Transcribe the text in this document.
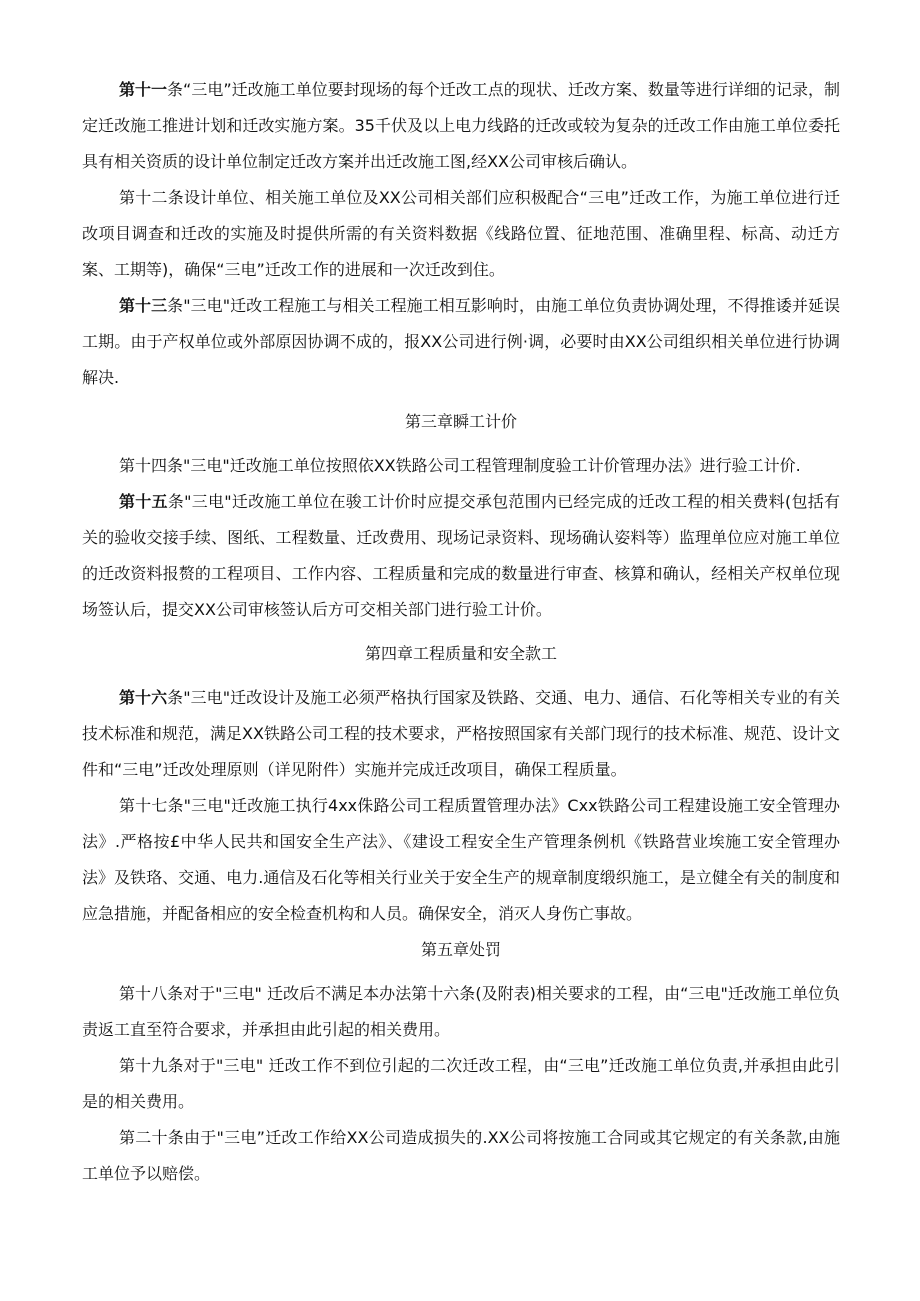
第十一条“三电”迁改施工单位要封现场的每个迁改工点的现状、迁改方案、数量等进行详细的记录，制定迁改施工推进计划和迁改实施方案。35千伏及以上电力线路的迁改或较为复杂的迁改工作由施工单位委托具有相关资质的设计单位制定迁改方案并出迁改施工图,经XX公司审核后确认。

第十二条设计单位、相关施工单位及XX公司相关部们应积极配合“三电”迁改工作，为施工单位进行迁改项目调查和迁改的实施及时提供所需的有关资料数据《线路位置、征地范围、准确里程、标高、动迁方案、工期等)，确保“三电”迁改工作的进展和一次迁改到住。

第十三条"三电"迁改工程施工与相关工程施工相互影响时，由施工单位负责协调处理，不得推诿并延误工期。由于产权单位或外部原因协调不成的，报XX公司进行例·调，必要时由XX公司组织相关单位进行协调解决.

第三章瞬工计价

第十四条"三电"迁改施工单位按照依XX铁路公司工程管理制度验工计价管理办法》进行验工计价.

第十五条"三电"迁改施工单位在骏工计价时应提交承包范围内已经完成的迁改工程的相关费料(包括有关的验收交接手续、图纸、工程数量、迁改费用、现场记录资料、现场确认姿料等）监理单位应对施工单位的迁改资料报赘的工程项目、工作内容、工程质量和完成的数量进行审查、核算和确认，经相关产权单位现场签认后，提交XX公司审核签认后方可交相关部门进行验工计价。

第四章工程质量和安全款工

第十六条"三电"迁改设计及施工必须严格执行国家及铁路、交通、电力、通信、石化等相关专业的有关技术标准和规范，满足XX铁路公司工程的技术要求，严格按照国家有关部门现行的技术标准、规范、设计文件和“三电”迁改处理原则（详见附件）实施并完成迁改项目，确保工程质量。

第十七条"三电"迁改施工执行4xx侏路公司工程质置管理办法》Cxx铁路公司工程建设施工安全管理办法》.严格按£中华人民共和国安全生产法》、《建设工程安全生产管理条例机《铁路营业埃施工安全管理办法》及铁珞、交通、电力.通信及石化等相关行业关于安全生产的规章制度缎织施工，是立健全有关的制度和应急措施，并配备相应的安全检查机构和人员。确保安全，消灭人身伤亡事故。

第五章处罚

第十八条对于"三电" 迁改后不满足本办法第十六条(及附表)相关要求的工程，由“三电"迁改施工单位负责返工直至符合要求，并承担由此引起的相关费用。

第十九条对于"三电" 迁改工作不到位引起的二次迁改工程，由“三电”迁改施工单位负责,并承担由此引是的相关费用。

第二十条由于"三电”迁改工作给XX公司造成损失的.XX公司将按施工合同或其它规定的有关条款,由施工单位予以赔偿。
